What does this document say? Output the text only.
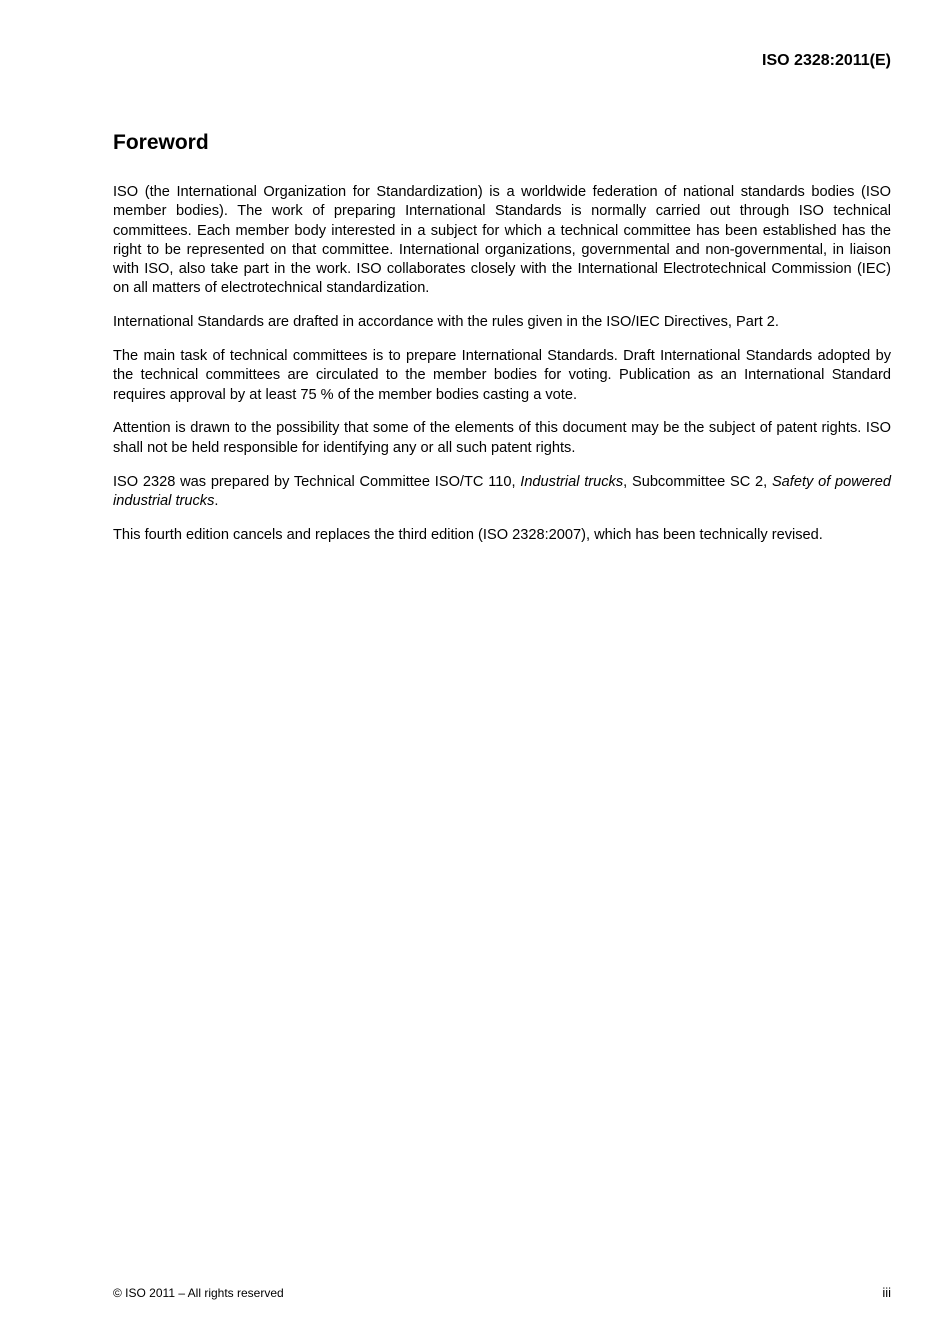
ISO 2328:2011(E)
Foreword

ISO (the International Organization for Standardization) is a worldwide federation of national standards bodies (ISO member bodies). The work of preparing International Standards is normally carried out through ISO technical committees. Each member body interested in a subject for which a technical committee has been established has the right to be represented on that committee. International organizations, governmental and non-governmental, in liaison with ISO, also take part in the work. ISO collaborates closely with the International Electrotechnical Commission (IEC) on all matters of electrotechnical standardization.

International Standards are drafted in accordance with the rules given in the ISO/IEC Directives, Part 2.

The main task of technical committees is to prepare International Standards. Draft International Standards adopted by the technical committees are circulated to the member bodies for voting. Publication as an International Standard requires approval by at least 75 % of the member bodies casting a vote.

Attention is drawn to the possibility that some of the elements of this document may be the subject of patent rights. ISO shall not be held responsible for identifying any or all such patent rights.

ISO 2328 was prepared by Technical Committee ISO/TC 110, Industrial trucks, Subcommittee SC 2, Safety of powered industrial trucks.

This fourth edition cancels and replaces the third edition (ISO 2328:2007), which has been technically revised.

© ISO 2011 – All rights reserved	iii
